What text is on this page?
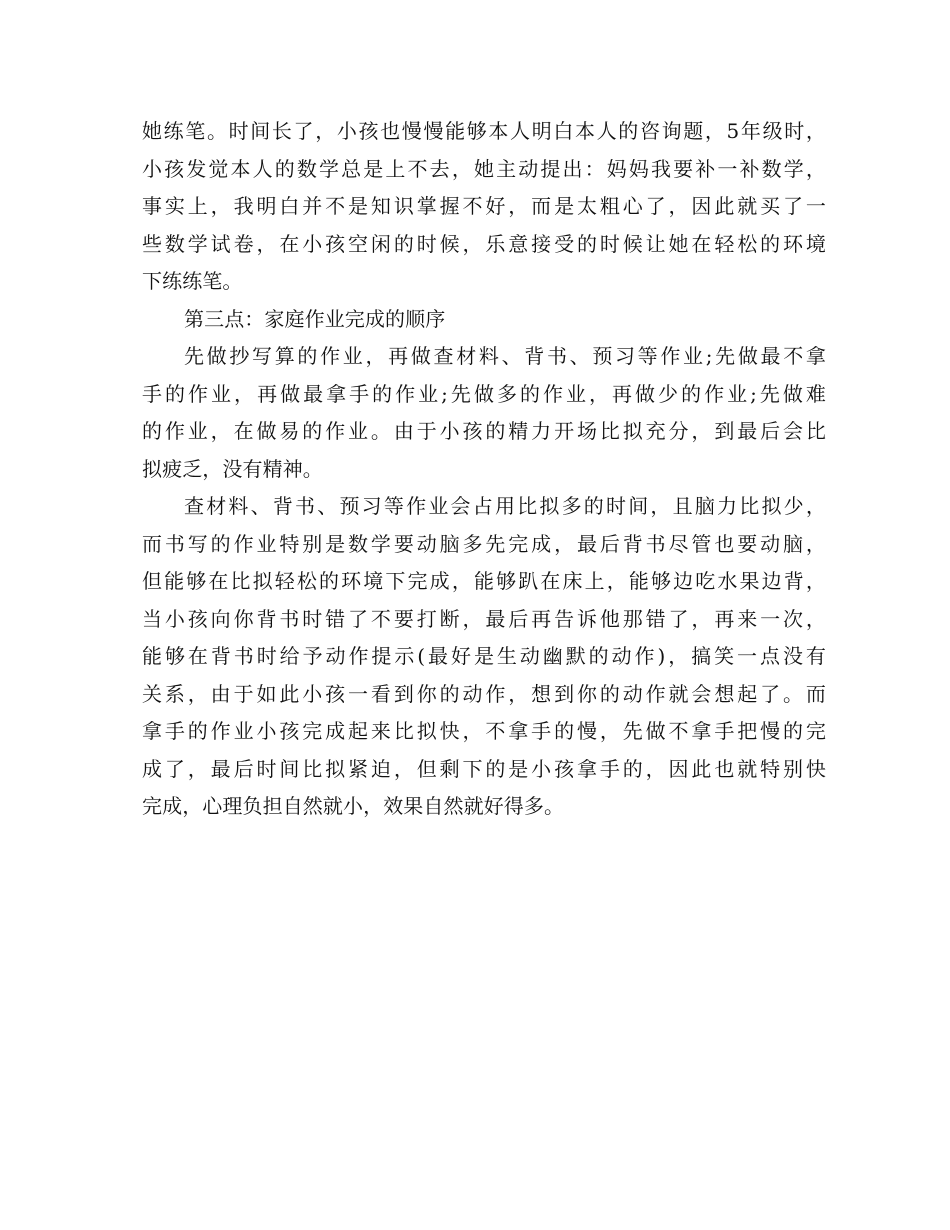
她练笔。时间长了，小孩也慢慢能够本人明白本人的咨询题，5年级时，
小孩发觉本人的数学总是上不去，她主动提出：妈妈我要补一补数学，
事实上，我明白并不是知识掌握不好，而是太粗心了，因此就买了一
些数学试卷，在小孩空闲的时候，乐意接受的时候让她在轻松的环境
下练练笔。
第三点：家庭作业完成的顺序
先做抄写算的作业，再做查材料、背书、预习等作业;先做最不拿
手的作业，再做最拿手的作业;先做多的作业，再做少的作业;先做难
的作业，在做易的作业。由于小孩的精力开场比拟充分，到最后会比
拟疲乏，没有精神。
查材料、背书、预习等作业会占用比拟多的时间，且脑力比拟少，
而书写的作业特别是数学要动脑多先完成，最后背书尽管也要动脑，
但能够在比拟轻松的环境下完成，能够趴在床上，能够边吃水果边背，
当小孩向你背书时错了不要打断，最后再告诉他那错了，再来一次，
能够在背书时给予动作提示(最好是生动幽默的动作)，搞笑一点没有
关系，由于如此小孩一看到你的动作，想到你的动作就会想起了。而
拿手的作业小孩完成起来比拟快，不拿手的慢，先做不拿手把慢的完
成了，最后时间比拟紧迫，但剩下的是小孩拿手的，因此也就特别快
完成，心理负担自然就小，效果自然就好得多。
